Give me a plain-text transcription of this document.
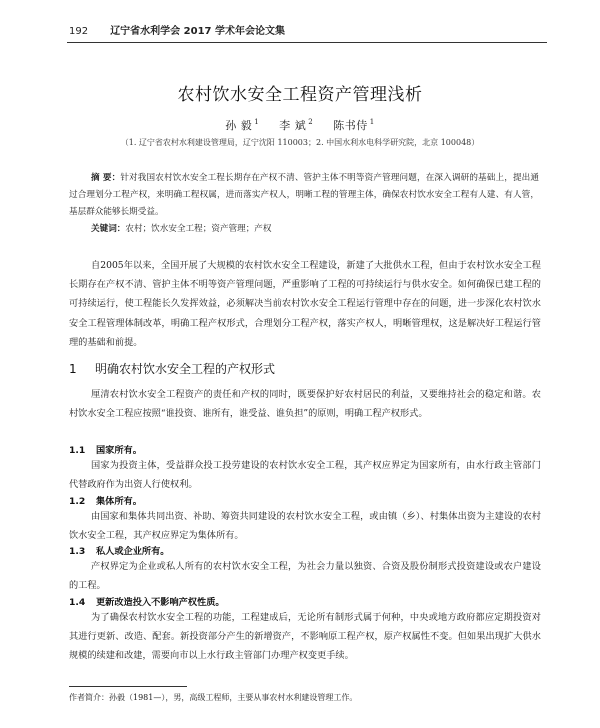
192 辽宁省水利学会 2017 学术年会论文集
农村饮水安全工程资产管理浅析
孙 毅 $^1$ 李 斌 $^2$ 陈书侍 $^1$
（1. 辽宁省农村水利建设管理局，辽宁沈阳 110003；2. 中国水利水电科学研究院，北京 100048）
摘 要：针对我国农村饮水安全工程长期存在产权不清、管护主体不明等资产管理问题，在深入调研的基础上，提出通过合理划分工程产权，来明确工程权属，进而落实产权人，明晰工程的管理主体，确保农村饮水安全工程有人建、有人管，基层群众能够长期受益。
关键词：农村；饮水安全工程；资产管理；产权
自2005年以来，全国开展了大规模的农村饮水安全工程建设，新建了大批供水工程，但由于农村饮水安全工程长期存在产权不清、管护主体不明等资产管理问题，严重影响了工程的可持续运行与供水安全。如何确保已建工程的可持续运行，使工程能长久发挥效益，必须解决当前农村饮水安全工程运行管理中存在的问题，进一步深化农村饮水安全工程管理体制改革，明确工程产权形式，合理划分工程产权，落实产权人，明晰管理权，这是解决好工程运行管理的基础和前提。
1 明确农村饮水安全工程的产权形式
厘清农村饮水安全工程资产的责任和产权的同时，既要保护好农村居民的利益，又要维持社会的稳定和谐。农村饮水安全工程应按照“谁投资、谁所有，谁受益、谁负担”的原则，明确工程产权形式。
1.1 国家所有。
国家为投资主体，受益群众投工投劳建设的农村饮水安全工程，其产权应界定为国家所有，由水行政主管部门代替政府作为出资人行使权利。
1.2 集体所有。
由国家和集体共同出资、补助、筹资共同建设的农村饮水安全工程，或由镇（乡）、村集体出资为主建设的农村饮水安全工程，其产权应界定为集体所有。
1.3 私人或企业所有。
产权界定为企业或私人所有的农村饮水安全工程，为社会力量以独资、合资及股份制形式投资建设或农户建设的工程。
1.4 更新改造投入不影响产权性质。
为了确保农村饮水安全工程的功能，工程建成后，无论所有制形式属于何种，中央或地方政府都应定期投资对其进行更新、改造、配套。新投资部分产生的新增资产，不影响原工程产权，原产权属性不变。但如果出现扩大供水规模的续建和改建，需要向市以上水行政主管部门办理产权变更手续。
作者简介：孙毅（1981—），男，高级工程师，主要从事农村水利建设管理工作。
